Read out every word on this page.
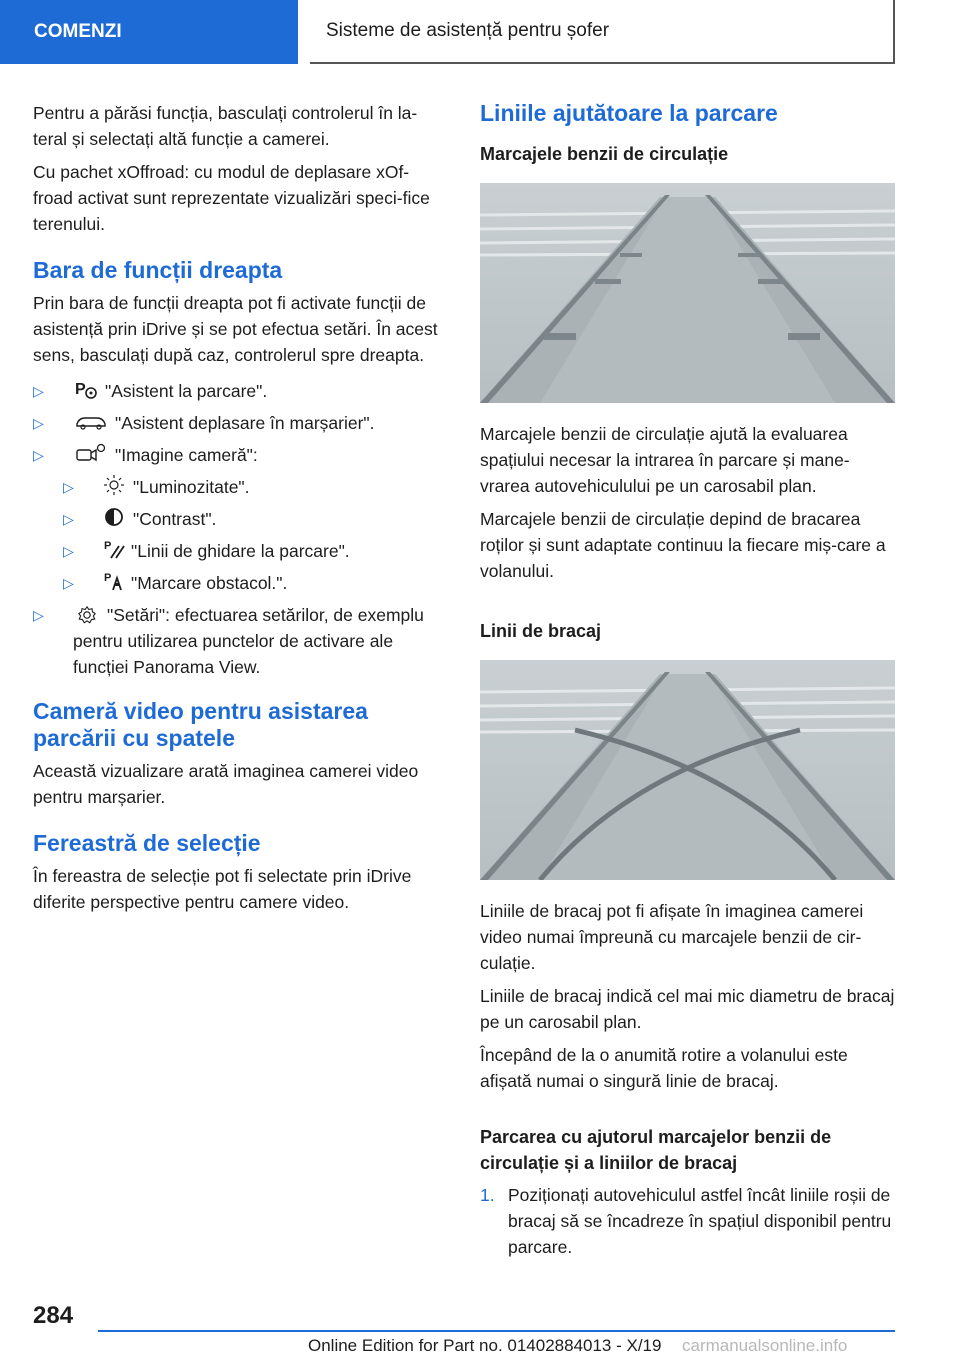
COMENZI	Sisteme de asistență pentru șofer

Pentru a părăsi funcția, basculați controlerul în la-teral și selectați altă funcție a camerei.

Cu pachet xOffroad: cu modul de deplasare xOf-froad activat sunt reprezentate vizualizări speci-fice terenului.

Bara de funcții dreapta

Prin bara de funcții dreapta pot fi activate funcții de asistență prin iDrive și se pot efectua setări. În acest sens, basculați după caz, controlerul spre dreapta.

▷ P "Asistent la parcare".
▷	"Asistent deplasare în marșarier".
▷	"Imagine cameră":
▷	"Luminozitate".
▷	"Contrast".
▷	P "Linii de ghidare la parcare".
▷	P "Marcare obstacol.".
▷	"Setări": efectuarea setărilor, de exemplu pentru utilizarea punctelor de activare ale funcției Panorama View.
Cameră video pentru asistarea parcării cu spatele

Această vizualizare arată imaginea camerei video pentru marșarier.

Fereastră de selecție

În fereastra de selecție pot fi selectate prin iDrive diferite perspective pentru camere video.

Liniile ajutătoare la parcare
Marcajele benzii de circulație

Marcajele benzii de circulație ajută la evaluarea spațiului necesar la intrarea în parcare și mane-vrarea autovehiculului pe un carosabil plan.

Marcajele benzii de circulație depind de bracarea roților și sunt adaptate continuu la fiecare miș-care a volanului.

Linii de bracaj

Liniile de bracaj pot fi afișate în imaginea camerei video numai împreună cu marcajele benzii de cir-culație.

Liniile de bracaj indică cel mai mic diametru de bracaj pe un carosabil plan.

Începând de la o anumită rotire a volanului este afișată numai o singură linie de bracaj.

Parcarea cu ajutorul marcajelor benzii de circulație și a liniilor de bracaj
1. Poziționați autovehiculul astfel încât liniile roșii de bracaj să se încadreze în spațiul disponibil pentru parcare.
284
Online Edition for Part no. 01402884013 - X/19 carmanualsonline.info
